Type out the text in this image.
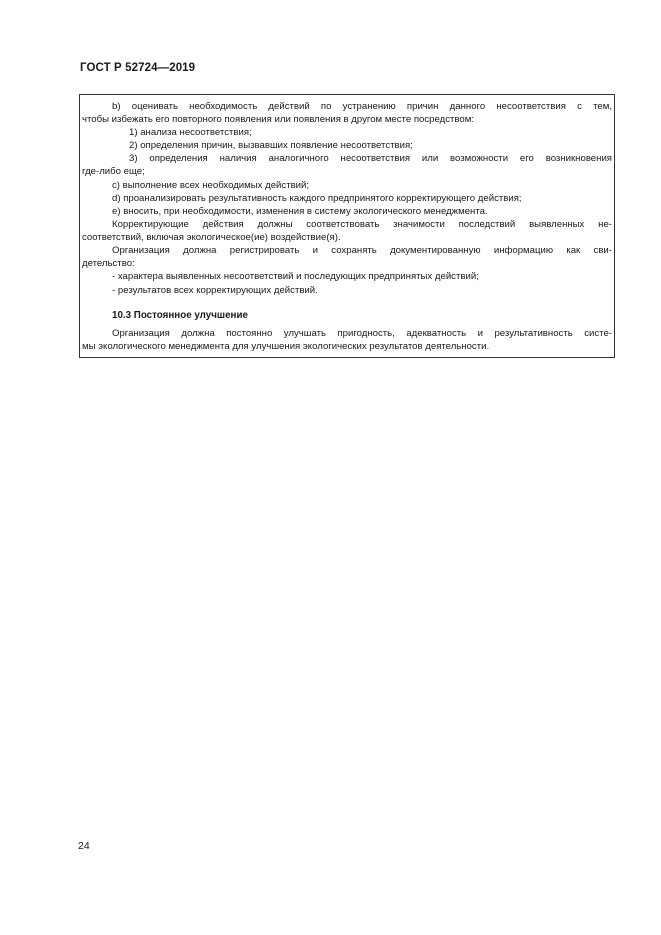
ГОСТ Р 52724—2019
b) оценивать необходимость действий по устранению причин данного несоответствия с тем,
чтобы избежать его повторного появления или появления в другом месте посредством:
1) анализа несоответствия;
2) определения причин, вызвавших появление несоответствия;
3) определения наличия аналогичного несоответствия или возможности его возникновения
где-либо еще;
c) выполнение всех необходимых действий;
d) проанализировать результативность каждого предпринятого корректирующего действия;
e) вносить, при необходимости, изменения в систему экологического менеджмента.
Корректирующие действия должны соответствовать значимости последствий выявленных не-
соответствий, включая экологическое(ие) воздействие(я).
Организация должна регистрировать и сохранять документированную информацию как сви-
детельство:
- характера выявленных несоответствий и последующих предпринятых действий;
- результатов всех корректирующих действий.
10.3 Постоянное улучшение
Организация должна постоянно улучшать пригодность, адекватность и результативность систе-
мы экологического менеджмента для улучшения экологических результатов деятельности.
24
